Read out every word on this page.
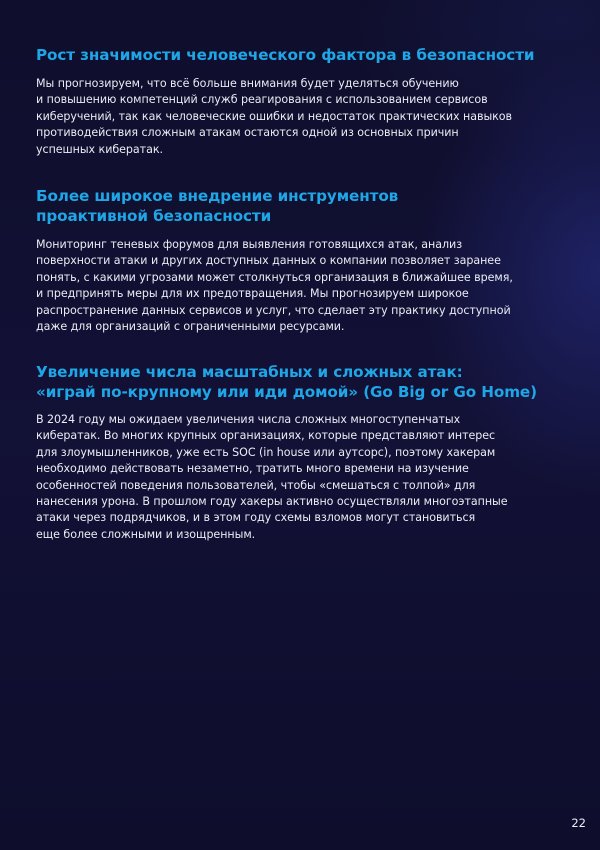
Рост значимости человеческого фактора в безопасности

Мы прогнозируем, что всё больше внимания будет уделяться обучению
и повышению компетенций служб реагирования с использованием сервисов
киберучений, так как человеческие ошибки и недостаток практических навыков
противодействия сложным атакам остаются одной из основных причин
успешных кибератак.

Более широкое внедрение инструментов
проактивной безопасности

Мониторинг теневых форумов для выявления готовящихся атак, анализ
поверхности атаки и других доступных данных о компании позволяет заранее
понять, с какими угрозами может столкнуться организация в ближайшее время,
и предпринять меры для их предотвращения. Мы прогнозируем широкое
распространение данных сервисов и услуг, что сделает эту практику доступной
даже для организаций с ограниченными ресурсами.

Увеличение числа масштабных и сложных атак:
«играй по-крупному или иди домой» (Go Big or Go Home)

В 2024 году мы ожидаем увеличения числа сложных многоступенчатых
кибератак. Во многих крупных организациях, которые представляют интерес
для злоумышленников, уже есть SOC (in house или аутсорс), поэтому хакерам
необходимо действовать незаметно, тратить много времени на изучение
особенностей поведения пользователей, чтобы «смешаться с толпой» для
нанесения урона. В прошлом году хакеры активно осуществляли многоэтапные
атаки через подрядчиков, и в этом году схемы взломов могут становиться
еще более сложными и изощренным.

22
